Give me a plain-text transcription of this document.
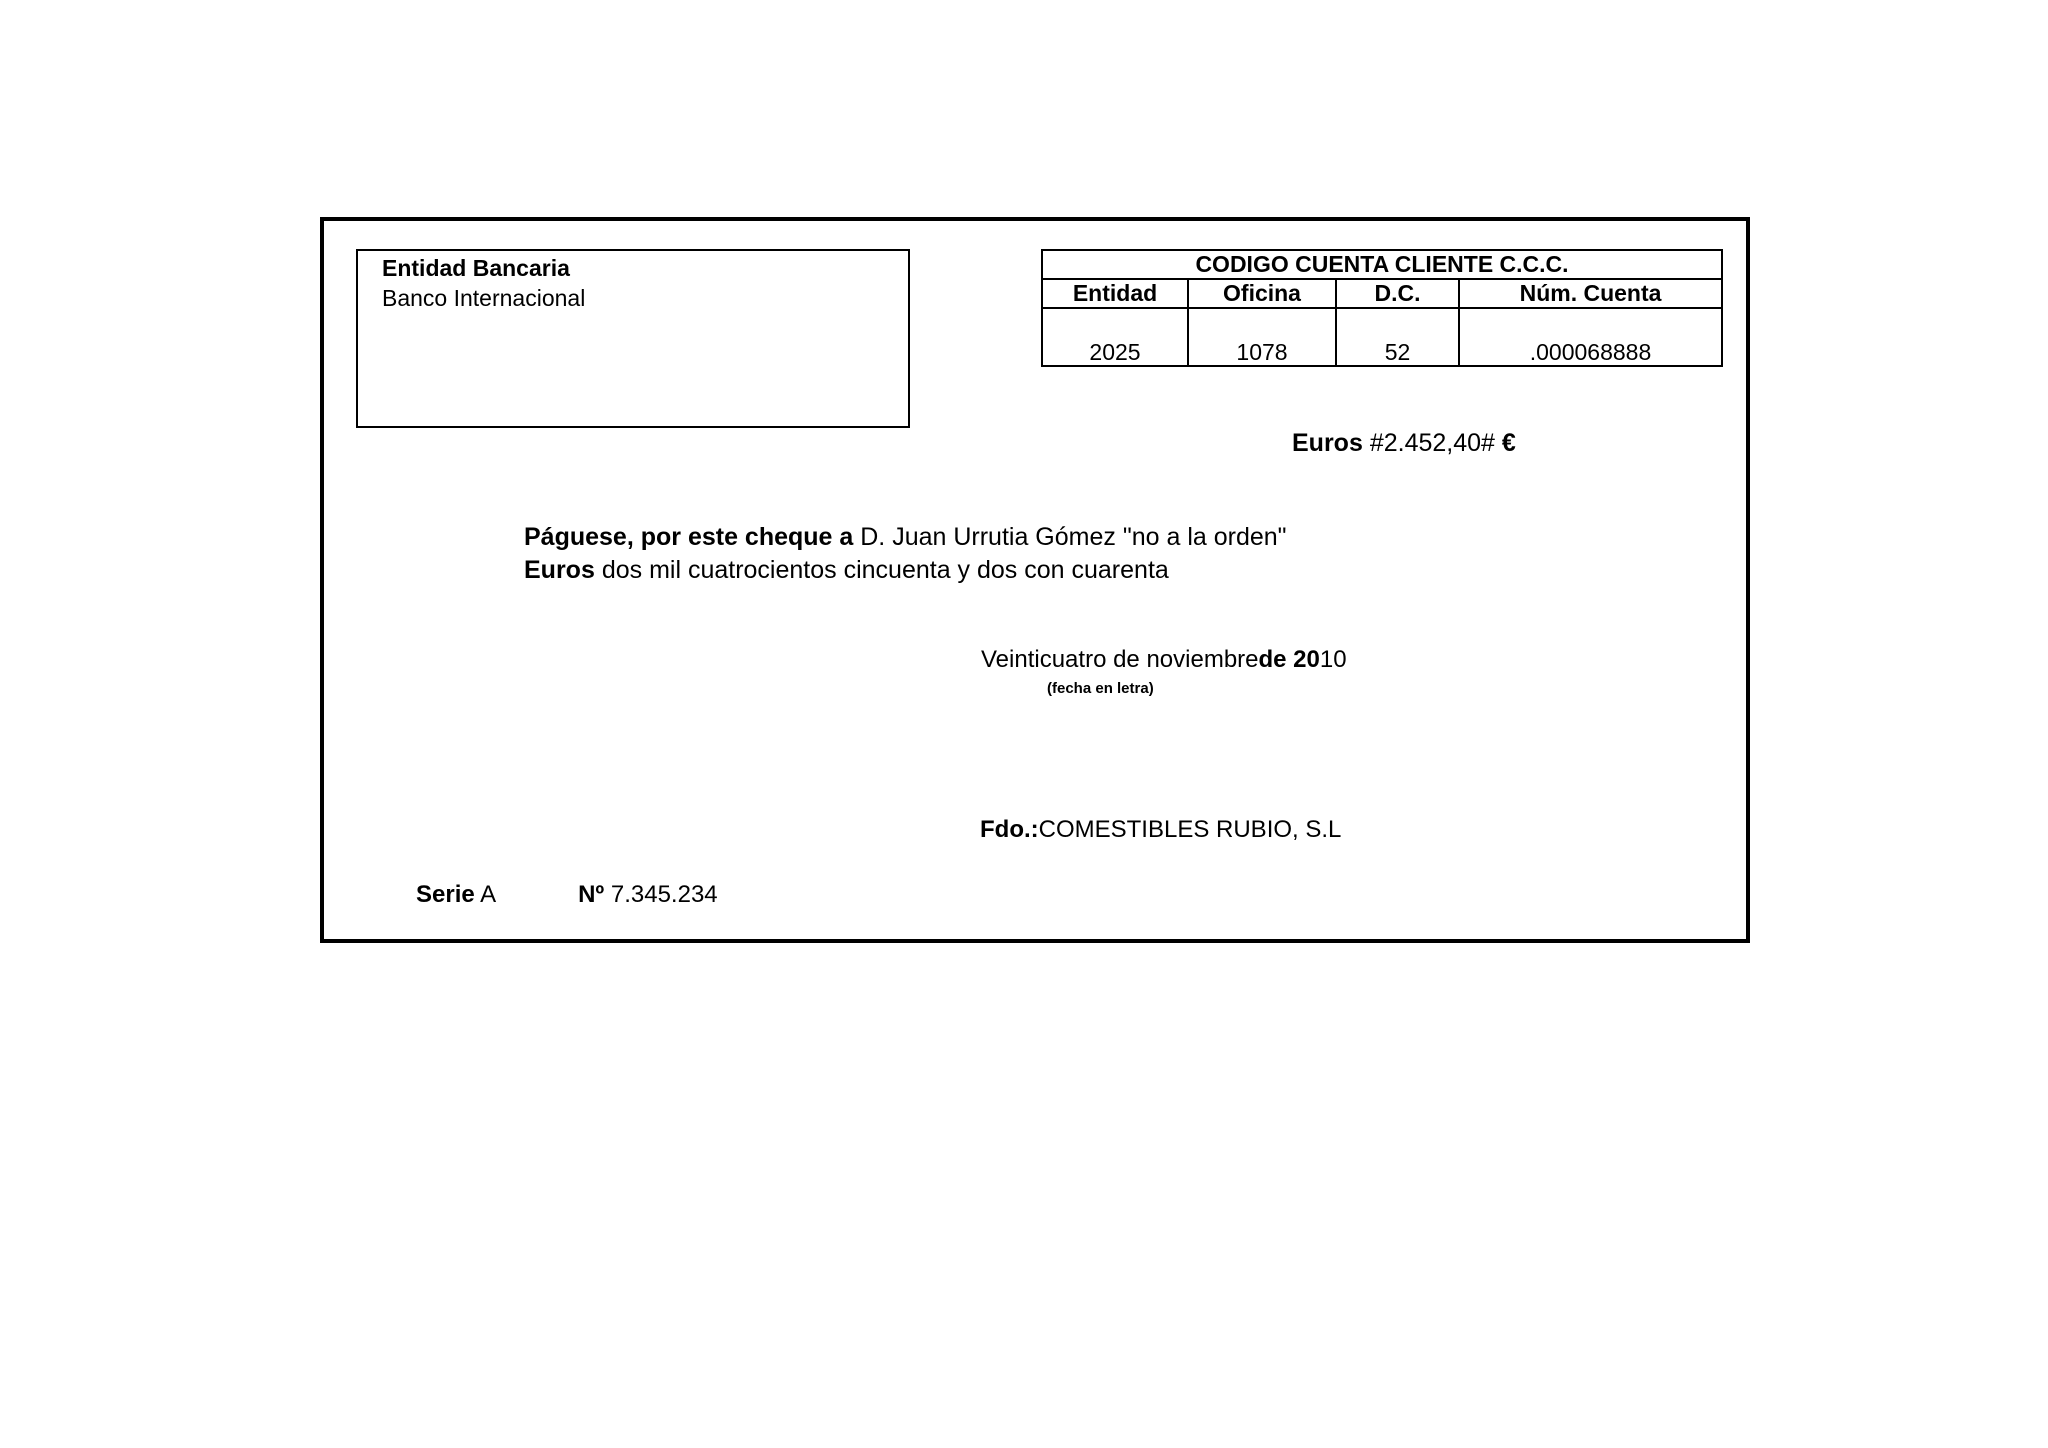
Entidad Bancaria
Banco Internacional
CODIGO CUENTA CLIENTE C.C.C.			
Entidad	Oficina	D.C.	Núm. Cuenta
2025	1078	52	.000068888
Euros #2.452,40# €
Páguese, por este cheque a D. Juan Urrutia Gómez "no a la orden"
Euros dos mil cuatrocientos cincuenta y dos con cuarenta
Veinticuatro de noviembrede 2010
(fecha en letra)
Fdo.:COMESTIBLES RUBIO, S.L
Serie A	Nº 7.345.234
